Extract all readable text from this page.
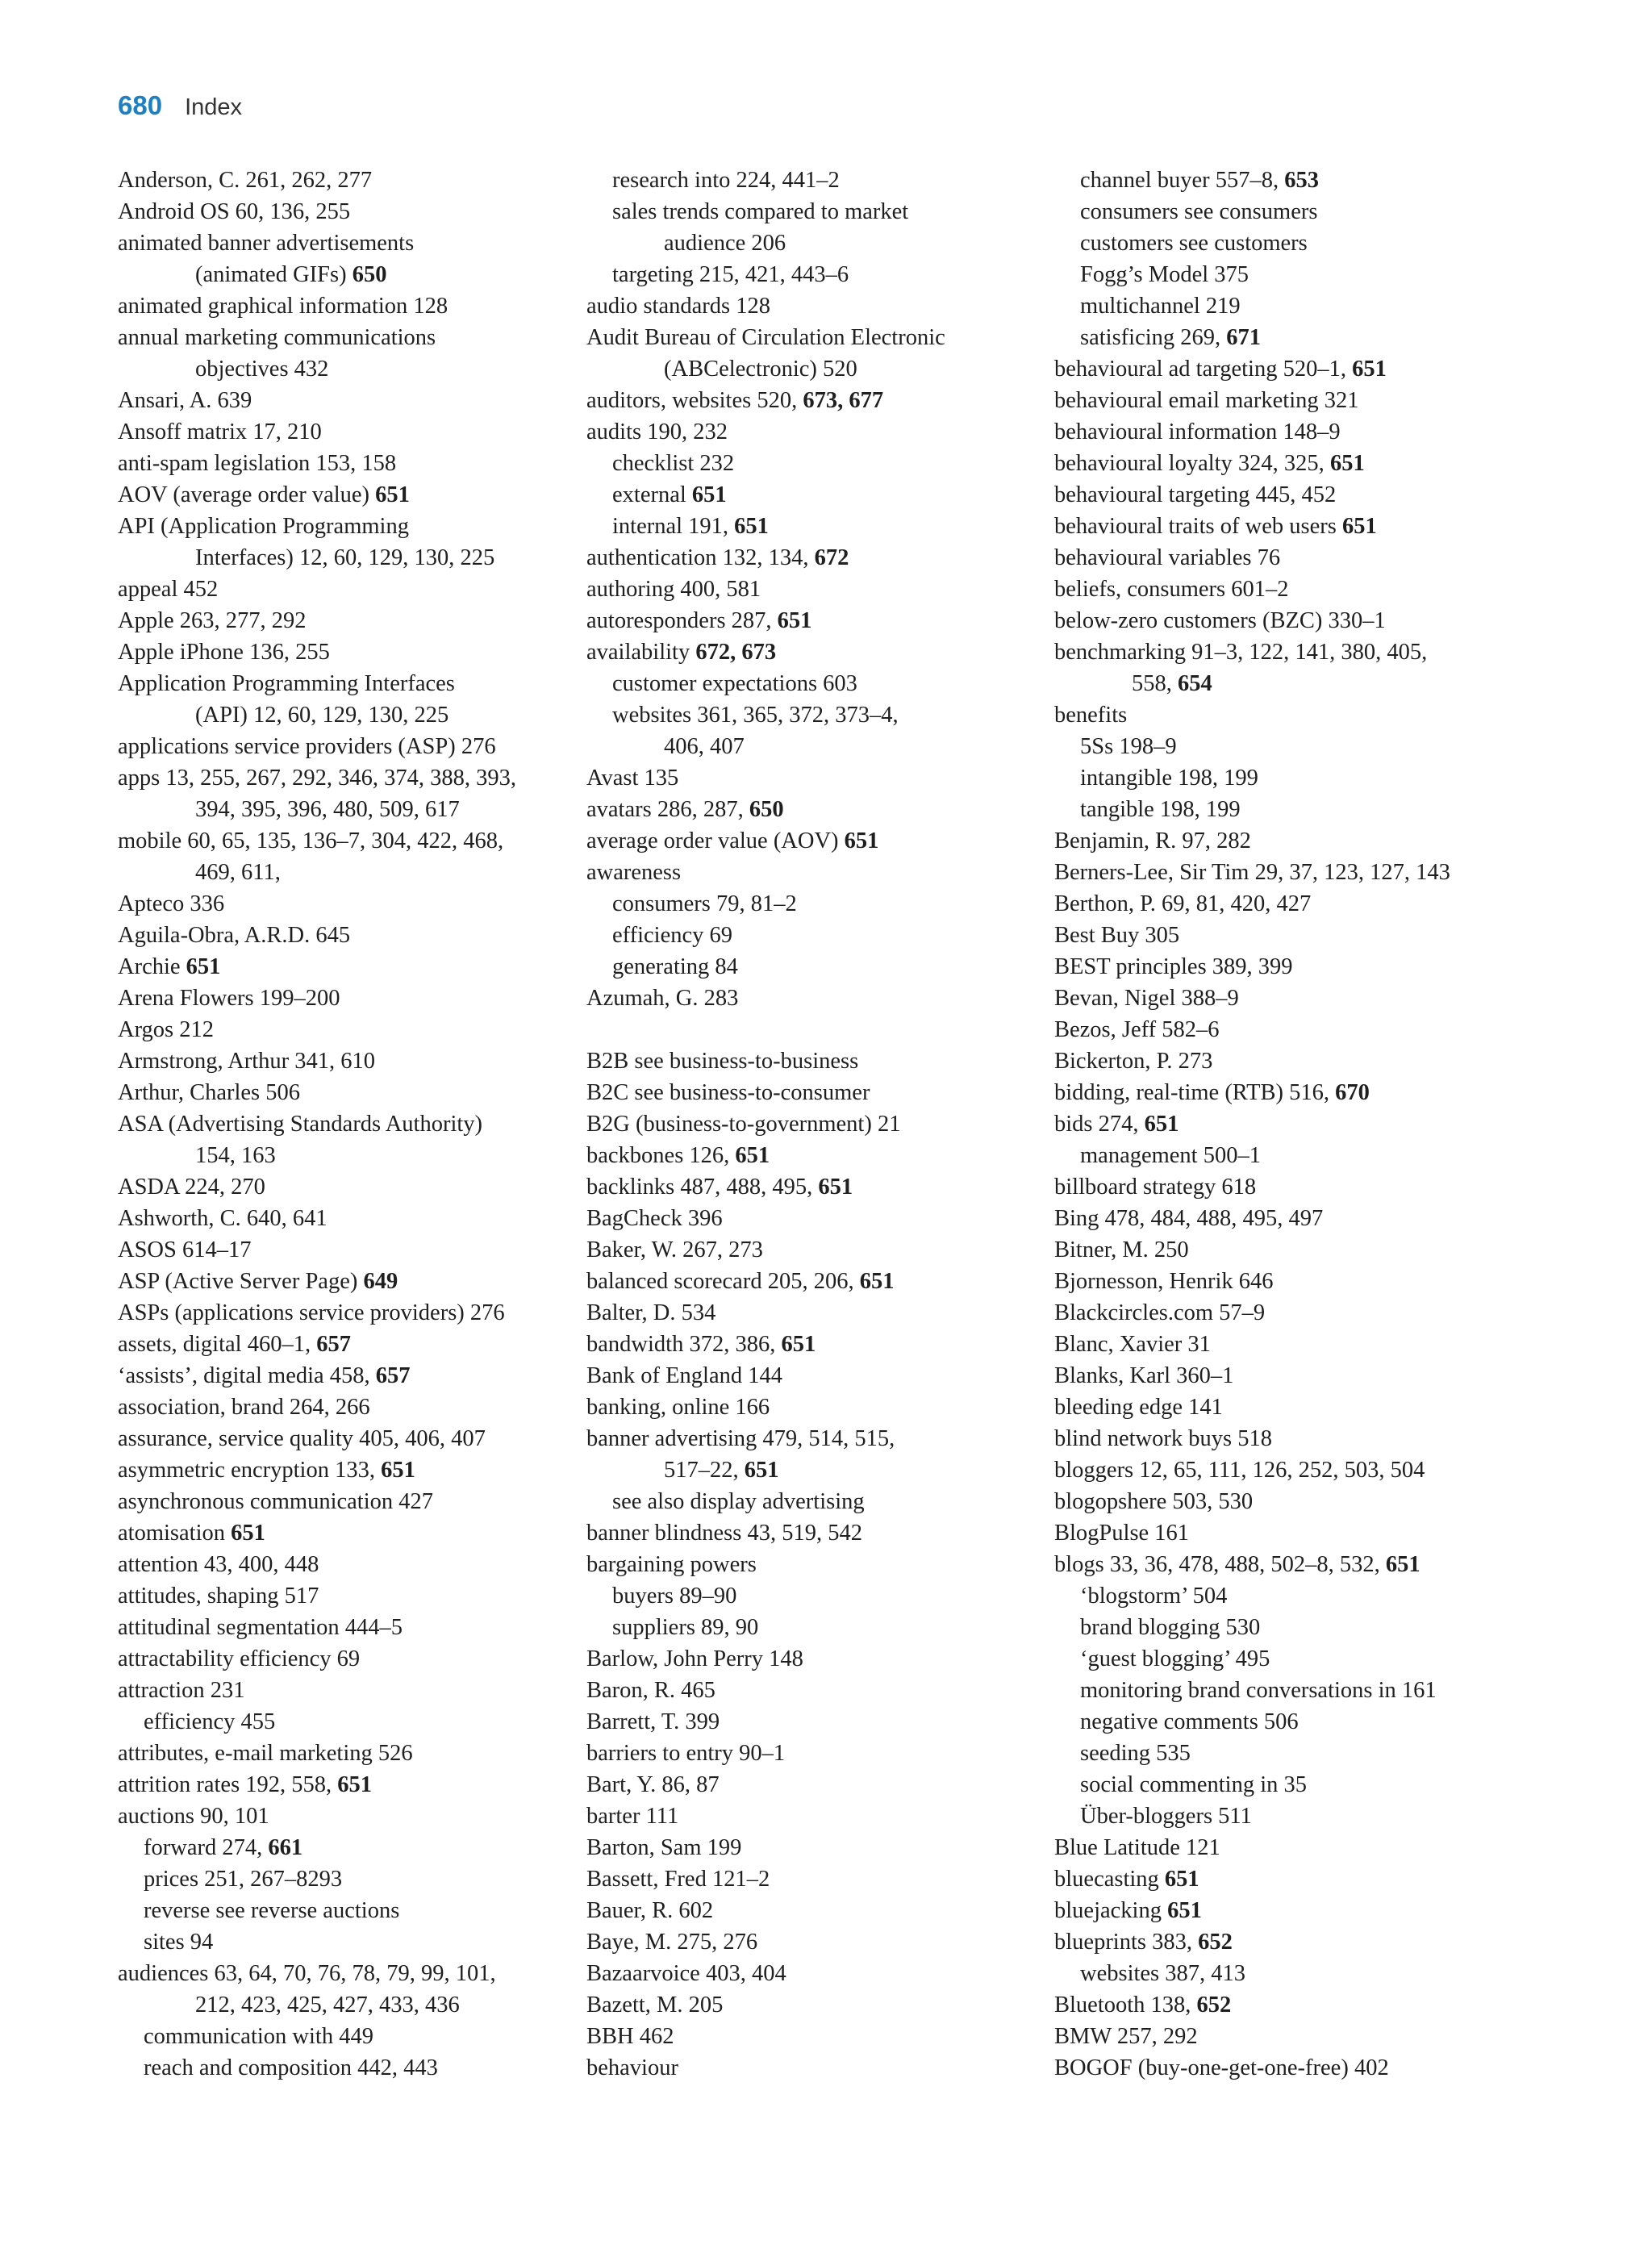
680 Index
Anderson, C. 261, 262, 277
Android OS 60, 136, 255
animated banner advertisements
(animated GIFs) 650
animated graphical information 128
annual marketing communications
objectives 432
Ansari, A. 639
Ansoff matrix 17, 210
anti-spam legislation 153, 158
AOV (average order value) 651
API (Application Programming
Interfaces) 12, 60, 129, 130, 225
appeal 452
Apple 263, 277, 292
Apple iPhone 136, 255
Application Programming Interfaces
(API) 12, 60, 129, 130, 225
applications service providers (ASP) 276
apps 13, 255, 267, 292, 346, 374, 388, 393,
394, 395, 396, 480, 509, 617
mobile 60, 65, 135, 136–7, 304, 422, 468,
469, 611,
Apteco 336
Aguila-Obra, A.R.D. 645
Archie 651
Arena Flowers 199–200
Argos 212
Armstrong, Arthur 341, 610
Arthur, Charles 506
ASA (Advertising Standards Authority)
154, 163
ASDA 224, 270
Ashworth, C. 640, 641
ASOS 614–17
ASP (Active Server Page) 649
ASPs (applications service providers) 276
assets, digital 460–1, 657
‘assists’, digital media 458, 657
association, brand 264, 266
assurance, service quality 405, 406, 407
asymmetric encryption 133, 651
asynchronous communication 427
atomisation 651
attention 43, 400, 448
attitudes, shaping 517
attitudinal segmentation 444–5
attractability efficiency 69
attraction 231
efficiency 455
attributes, e-mail marketing 526
attrition rates 192, 558, 651
auctions 90, 101
forward 274, 661
prices 251, 267–8293
reverse see reverse auctions
sites 94
audiences 63, 64, 70, 76, 78, 79, 99, 101,
212, 423, 425, 427, 433, 436
communication with 449
reach and composition 442, 443
research into 224, 441–2
sales trends compared to market
audience 206
targeting 215, 421, 443–6
audio standards 128
Audit Bureau of Circulation Electronic
(ABCelectronic) 520
auditors, websites 520, 673, 677
audits 190, 232
checklist 232
external 651
internal 191, 651
authentication 132, 134, 672
authoring 400, 581
autoresponders 287, 651
availability 672, 673
customer expectations 603
websites 361, 365, 372, 373–4,
406, 407
Avast 135
avatars 286, 287, 650
average order value (AOV) 651
awareness
consumers 79, 81–2
efficiency 69
generating 84
Azumah, G. 283
B2B see business-to-business
B2C see business-to-consumer
B2G (business-to-government) 21
backbones 126, 651
backlinks 487, 488, 495, 651
BagCheck 396
Baker, W. 267, 273
balanced scorecard 205, 206, 651
Balter, D. 534
bandwidth 372, 386, 651
Bank of England 144
banking, online 166
banner advertising 479, 514, 515,
517–22, 651
see also display advertising
banner blindness 43, 519, 542
bargaining powers
buyers 89–90
suppliers 89, 90
Barlow, John Perry 148
Baron, R. 465
Barrett, T. 399
barriers to entry 90–1
Bart, Y. 86, 87
barter 111
Barton, Sam 199
Bassett, Fred 121–2
Bauer, R. 602
Baye, M. 275, 276
Bazaarvoice 403, 404
Bazett, M. 205
BBH 462
behaviour
channel buyer 557–8, 653
consumers see consumers
customers see customers
Fogg’s Model 375
multichannel 219
satisficing 269, 671
behavioural ad targeting 520–1, 651
behavioural email marketing 321
behavioural information 148–9
behavioural loyalty 324, 325, 651
behavioural targeting 445, 452
behavioural traits of web users 651
behavioural variables 76
beliefs, consumers 601–2
below-zero customers (BZC) 330–1
benchmarking 91–3, 122, 141, 380, 405,
558, 654
benefits
5Ss 198–9
intangible 198, 199
tangible 198, 199
Benjamin, R. 97, 282
Berners-Lee, Sir Tim 29, 37, 123, 127, 143
Berthon, P. 69, 81, 420, 427
Best Buy 305
BEST principles 389, 399
Bevan, Nigel 388–9
Bezos, Jeff 582–6
Bickerton, P. 273
bidding, real-time (RTB) 516, 670
bids 274, 651
management 500–1
billboard strategy 618
Bing 478, 484, 488, 495, 497
Bitner, M. 250
Bjornesson, Henrik 646
Blackcircles.com 57–9
Blanc, Xavier 31
Blanks, Karl 360–1
bleeding edge 141
blind network buys 518
bloggers 12, 65, 111, 126, 252, 503, 504
blogopshere 503, 530
BlogPulse 161
blogs 33, 36, 478, 488, 502–8, 532, 651
‘blogstorm’ 504
brand blogging 530
‘guest blogging’ 495
monitoring brand conversations in 161
negative comments 506
seeding 535
social commenting in 35
Über-bloggers 511
Blue Latitude 121
bluecasting 651
bluejacking 651
blueprints 383, 652
websites 387, 413
Bluetooth 138, 652
BMW 257, 292
BOGOF (buy-one-get-one-free) 402
